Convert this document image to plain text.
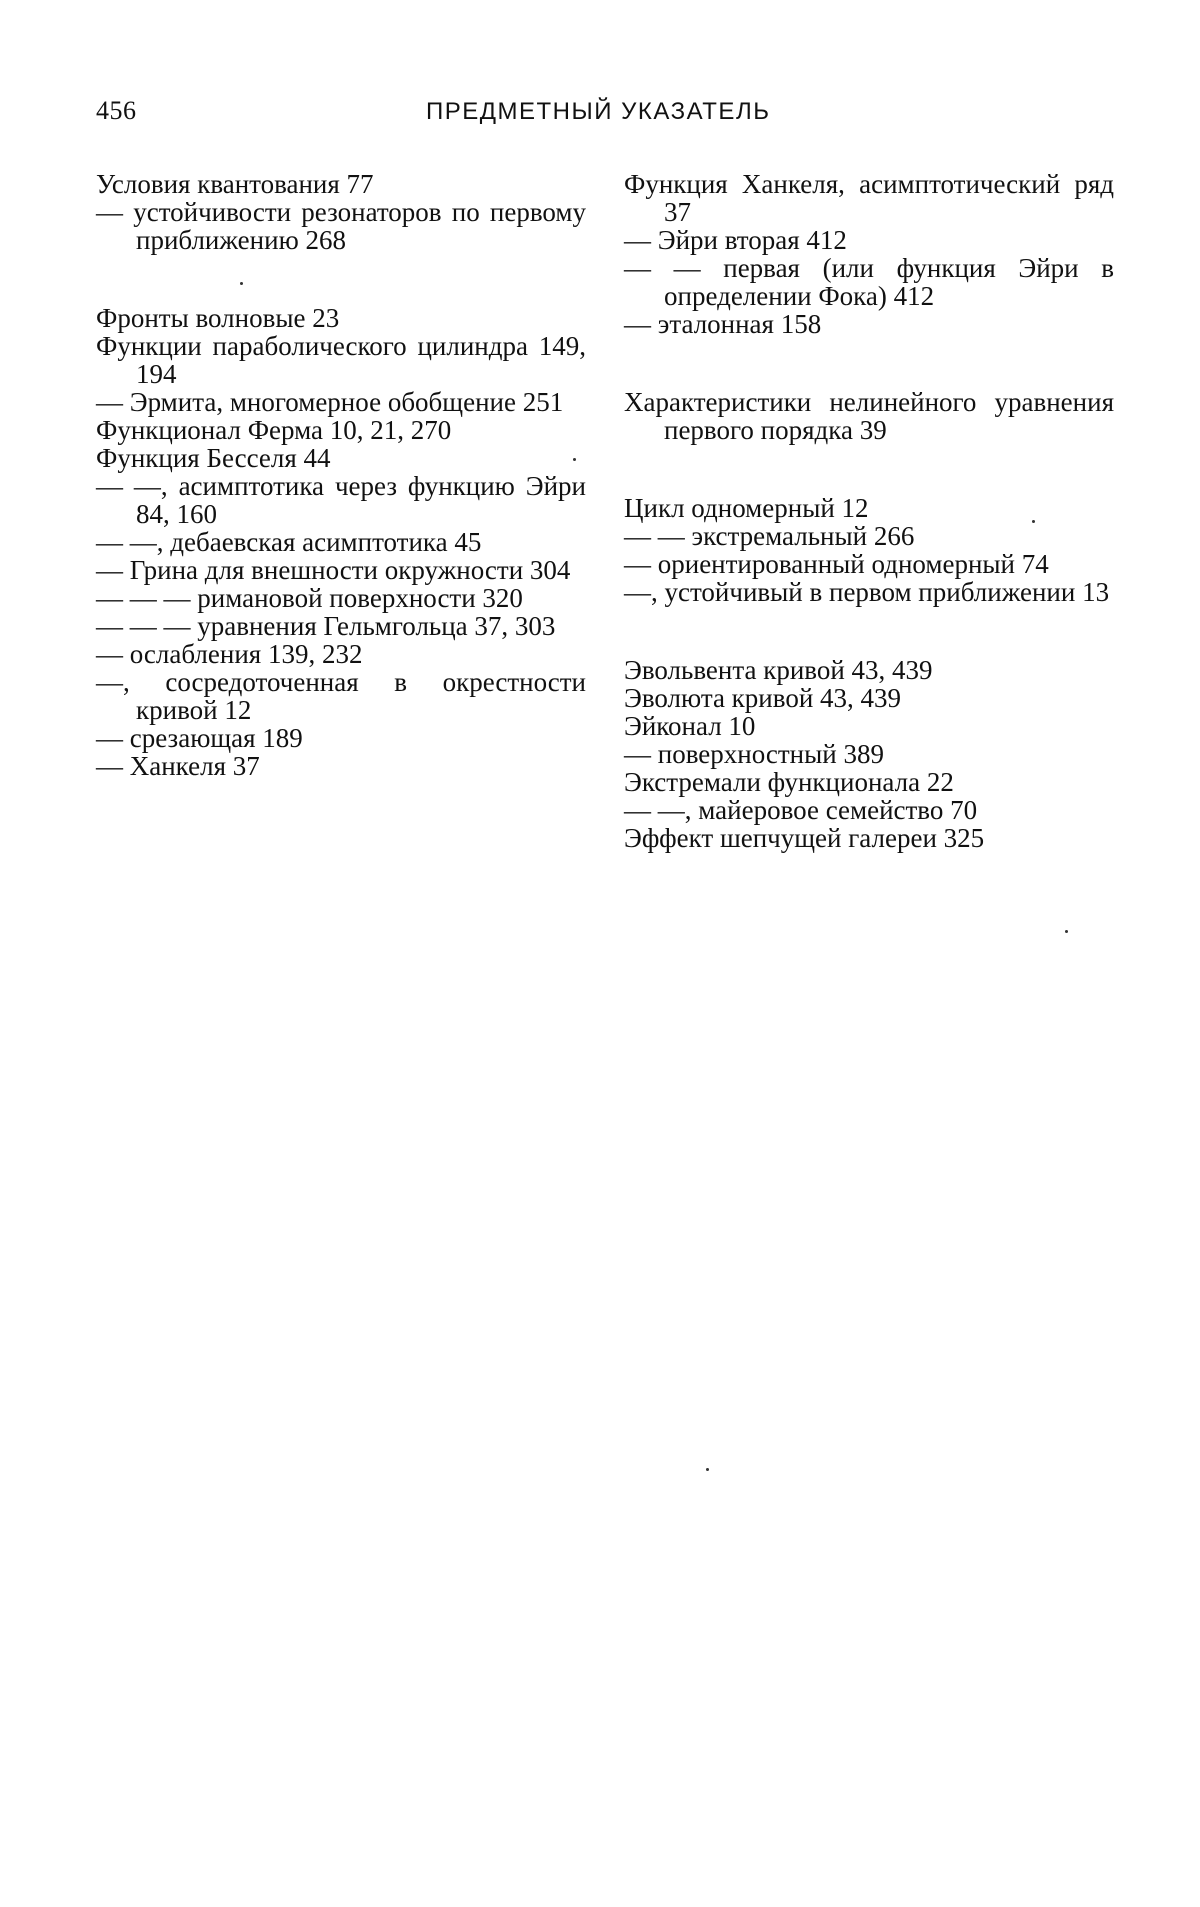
456	ПРЕДМЕТНЫЙ УКАЗАТЕЛЬ

Условия квантования 77

— устойчивости резонаторов по первому приближению 268

Фронты волновые 23

Функции параболического цилиндра 149, 194

— Эрмита, многомерное обобщение 251

Функционал Ферма 10, 21, 270

Функция Бесселя 44

— —, асимптотика через функцию Эйри 84, 160

— —, дебаевская асимптотика 45

— Грина для внешности окружности 304

— — — римановой поверхности 320

— — — уравнения Гельмгольца 37, 303

— ослабления 139, 232

—, сосредоточенная в окрестности кривой 12

— срезающая 189

— Ханкеля 37

Функция Ханкеля, асимптотический ряд 37

— Эйри вторая 412

— — первая (или функция Эйри в определении Фока) 412

— эталонная 158

Характеристики нелинейного уравнения первого порядка 39

Цикл одномерный 12

— — экстремальный 266

— ориентированный одномерный 74

—, устойчивый в первом приближении 13

Эвольвента кривой 43, 439

Эволюта кривой 43, 439

Эйконал 10

— поверхностный 389

Экстремали функционала 22

— —, майеровое семейство 70

Эффект шепчущей галереи 325
